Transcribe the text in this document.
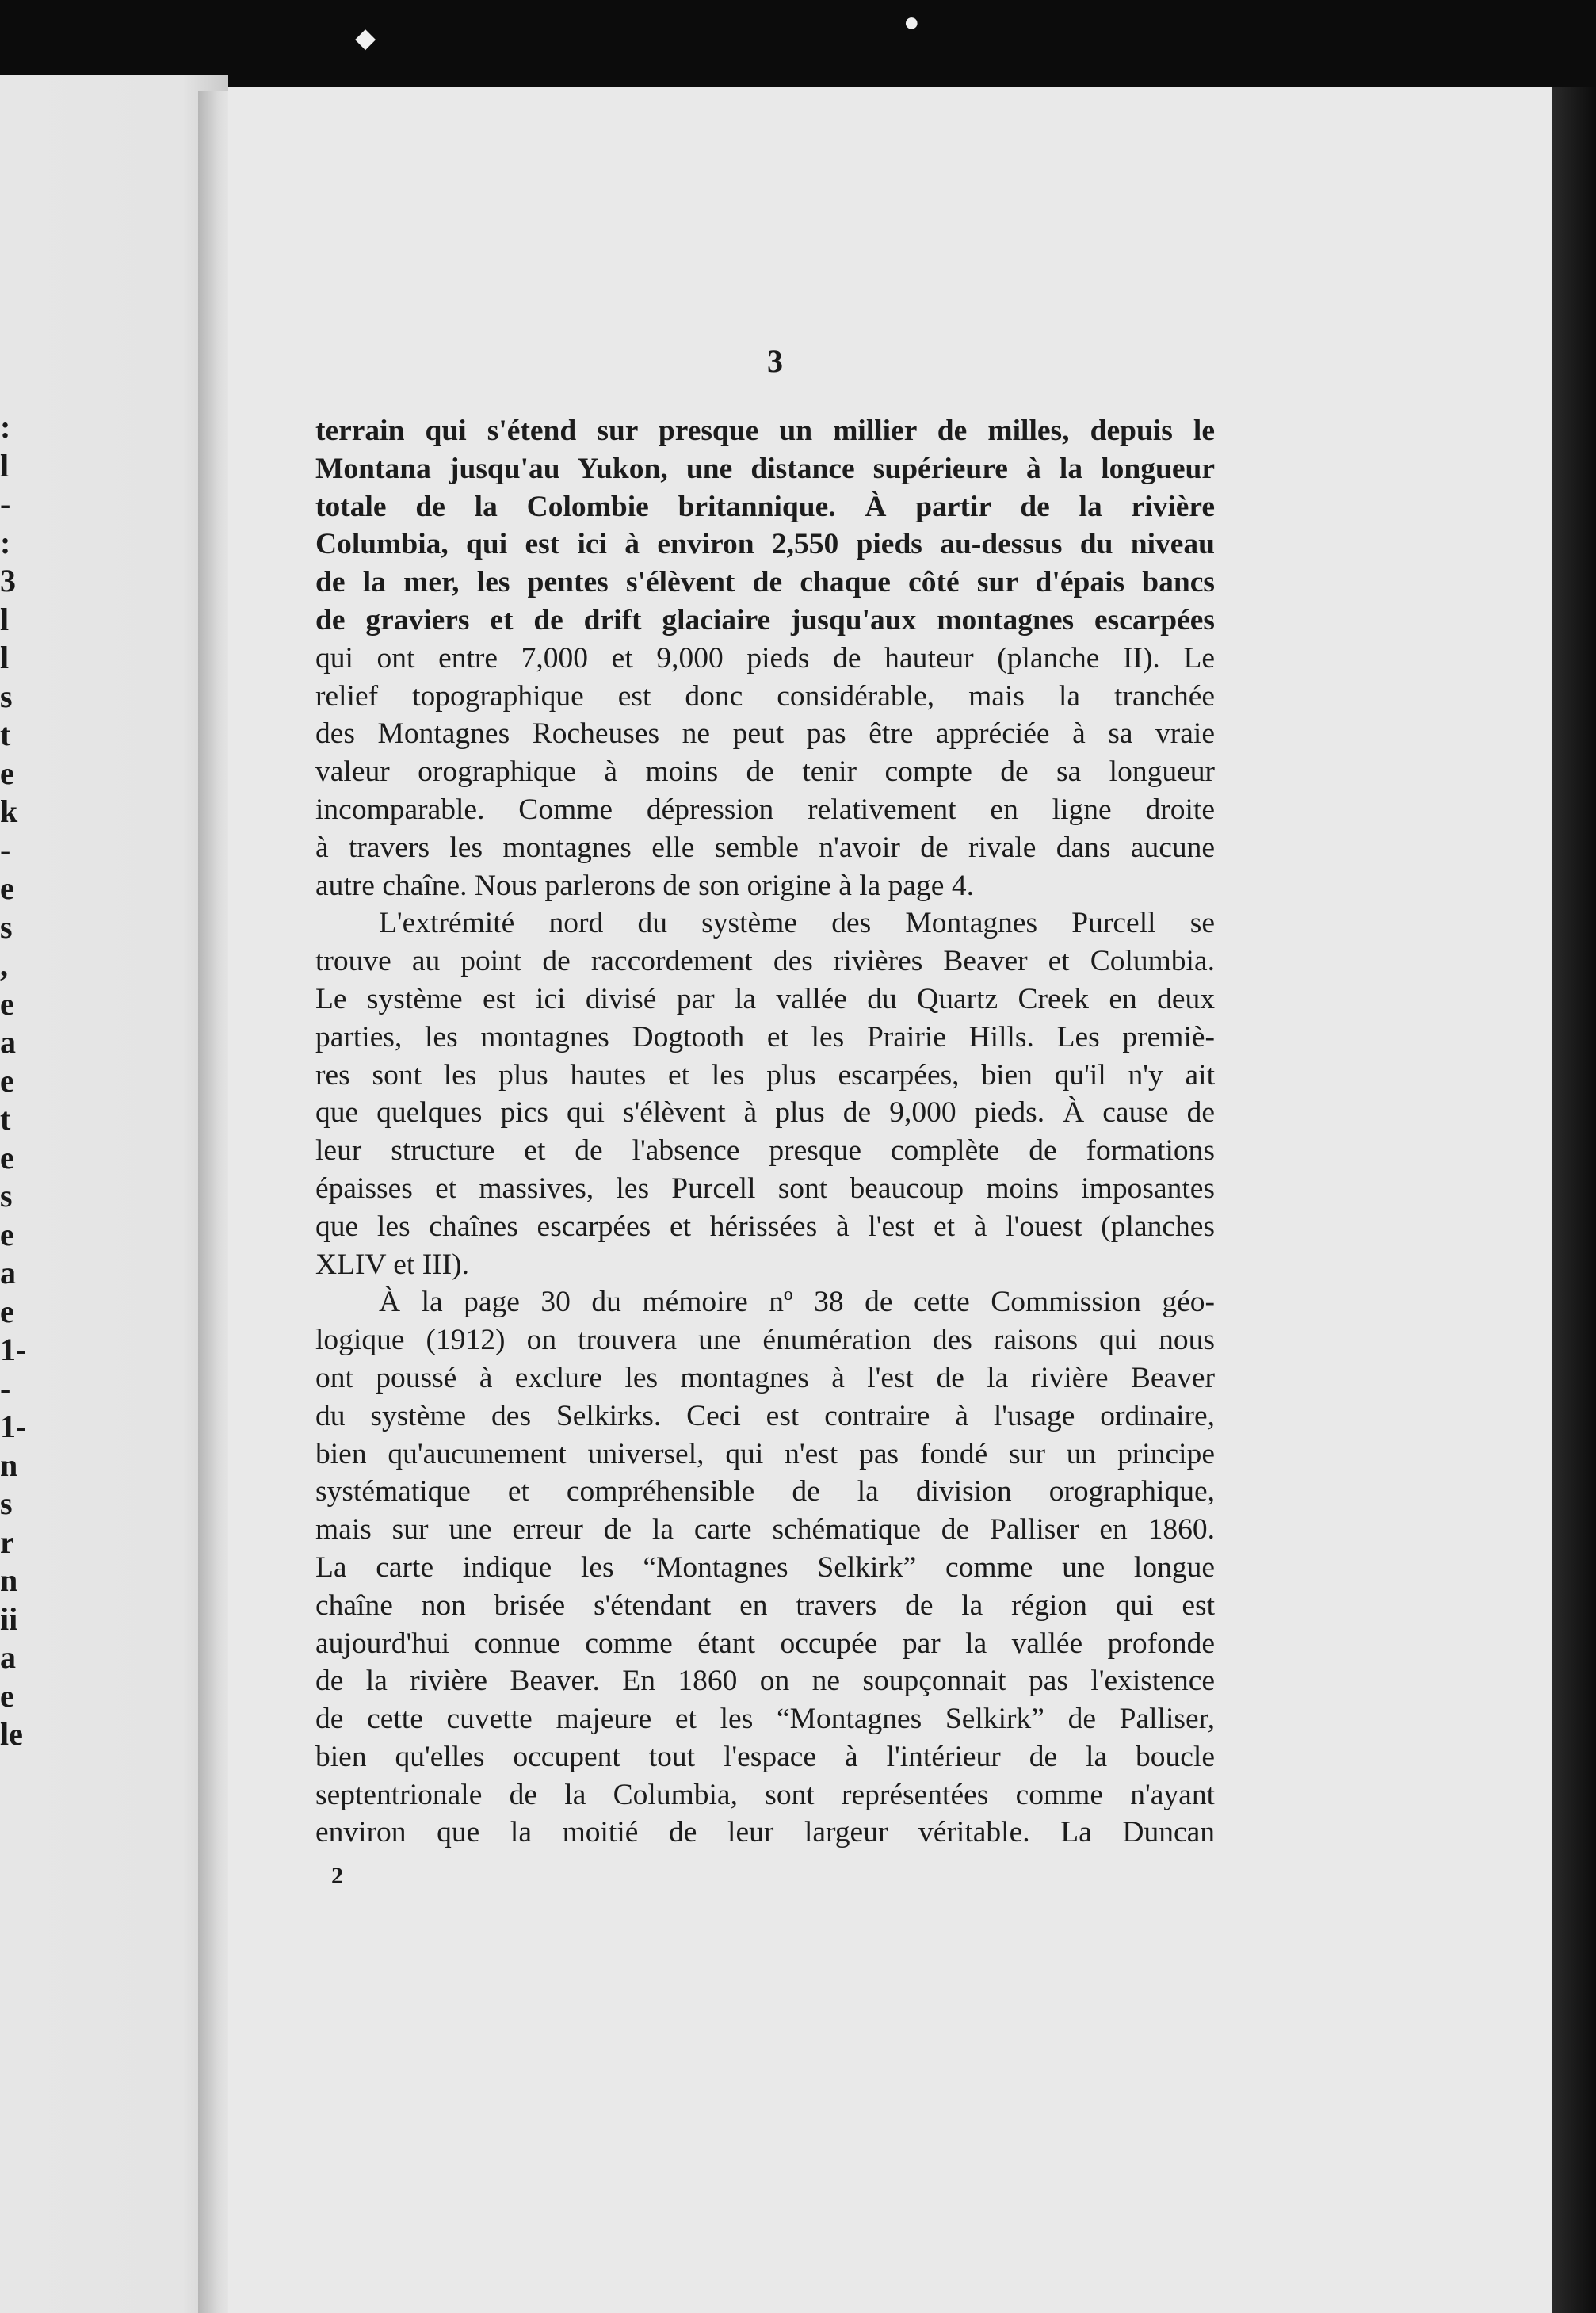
:
l
-
:
3
l
l
s
t
e
k
-
e
s
,
e
a
e
t
e
s
e
a
e
1-
-
1-
n
s
r
n
ii
a
e
le
◆
●
3
terrain qui s'étend sur presque un millier de milles, depuis le
Montana jusqu'au Yukon, une distance supérieure à la longueur
totale de la Colombie britannique. À partir de la rivière
Columbia, qui est ici à environ 2,550 pieds au-dessus du niveau
de la mer, les pentes s'élèvent de chaque côté sur d'épais bancs
de graviers et de drift glaciaire jusqu'aux montagnes escarpées
qui ont entre 7,000 et 9,000 pieds de hauteur (planche II). Le
relief topographique est donc considérable, mais la tranchée
des Montagnes Rocheuses ne peut pas être appréciée à sa vraie
valeur orographique à moins de tenir compte de sa longueur
incomparable. Comme dépression relativement en ligne droite
à travers les montagnes elle semble n'avoir de rivale dans aucune
autre chaîne. Nous parlerons de son origine à la page 4.
L'extrémité nord du système des Montagnes Purcell se
trouve au point de raccordement des rivières Beaver et Columbia.
Le système est ici divisé par la vallée du Quartz Creek en deux
parties, les montagnes Dogtooth et les Prairie Hills. Les premiè-
res sont les plus hautes et les plus escarpées, bien qu'il n'y ait
que quelques pics qui s'élèvent à plus de 9,000 pieds. À cause de
leur structure et de l'absence presque complète de formations
épaisses et massives, les Purcell sont beaucoup moins imposantes
que les chaînes escarpées et hérissées à l'est et à l'ouest (planches
XLIV et III).
À la page 30 du mémoire nº 38 de cette Commission géo-
logique (1912) on trouvera une énumération des raisons qui nous
ont poussé à exclure les montagnes à l'est de la rivière Beaver
du système des Selkirks. Ceci est contraire à l'usage ordinaire,
bien qu'aucunement universel, qui n'est pas fondé sur un principe
systématique et compréhensible de la division orographique,
mais sur une erreur de la carte schématique de Palliser en 1860.
La carte indique les “Montagnes Selkirk” comme une longue
chaîne non brisée s'étendant en travers de la région qui est
aujourd'hui connue comme étant occupée par la vallée profonde
de la rivière Beaver. En 1860 on ne soupçonnait pas l'existence
de cette cuvette majeure et les “Montagnes Selkirk” de Palliser,
bien qu'elles occupent tout l'espace à l'intérieur de la boucle
septentrionale de la Columbia, sont représentées comme n'ayant
environ que la moitié de leur largeur véritable. La Duncan
2
